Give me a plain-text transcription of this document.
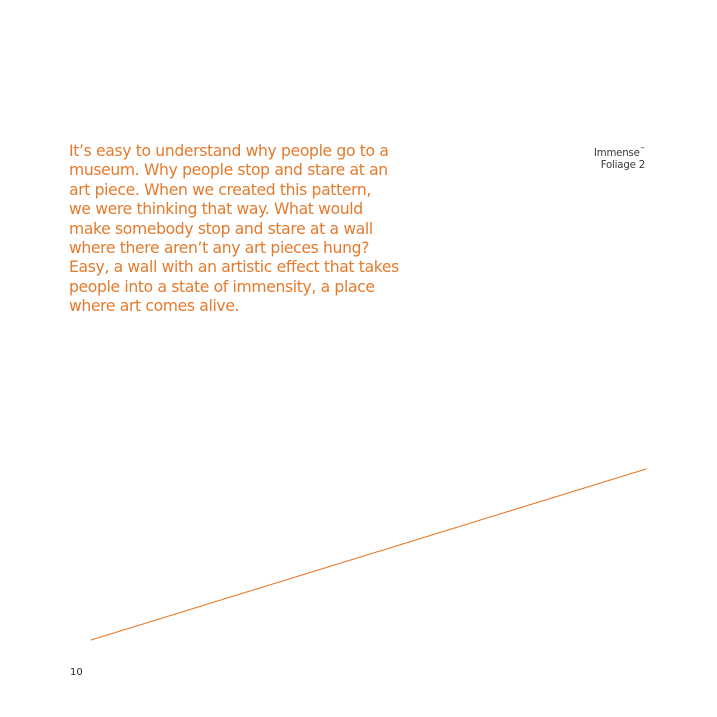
It’s easy to understand why people go to a
museum. Why people stop and stare at an
art piece. When we created this pattern,
we were thinking that way. What would
make somebody stop and stare at a wall
where there aren’t any art pieces hung?
Easy, a wall with an artistic effect that takes
people into a state of immensity, a place
where art comes alive.
Immense™
Foliage 2
10
